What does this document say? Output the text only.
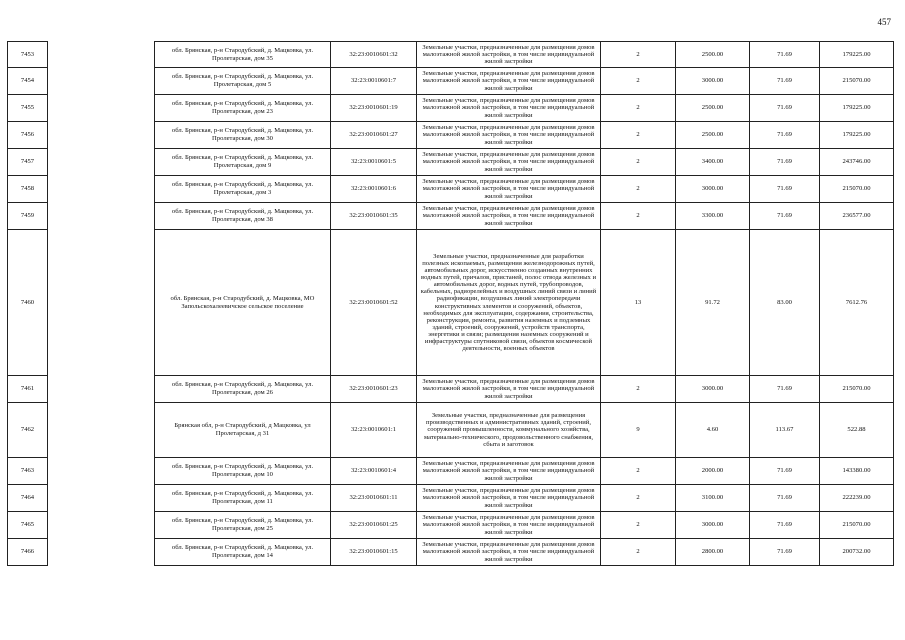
457
7453		обл. Брянская, р-н Стародубский, д. Мацковка, ул. Пролетарская, дом 35	32:23:0010601:32	Земельные участки, предназначенные для размещения домов малоэтажной жилой застройки, в том числе индивидуальной жилой застройки	2	2500.00	71.69	179225.00
7454		обл. Брянская, р-н Стародубский, д. Мацковка, ул. Пролетарская, дом 5	32:23:0010601:7	Земельные участки, предназначенные для размещения домов малоэтажной жилой застройки, в том числе индивидуальной жилой застройки	2	3000.00	71.69	215070.00
7455		обл. Брянская, р-н Стародубский, д. Мацковка, ул. Пролетарская, дом 23	32:23:0010601:19	Земельные участки, предназначенные для размещения домов малоэтажной жилой застройки, в том числе индивидуальной жилой застройки	2	2500.00	71.69	179225.00
7456		обл. Брянская, р-н Стародубский, д. Мацковка, ул. Пролетарская, дом 30	32:23:0010601:27	Земельные участки, предназначенные для размещения домов малоэтажной жилой застройки, в том числе индивидуальной жилой застройки	2	2500.00	71.69	179225.00
7457		обл. Брянская, р-н Стародубский, д. Мацковка, ул. Пролетарская, дом 9	32:23:0010601:5	Земельные участки, предназначенные для размещения домов малоэтажной жилой застройки, в том числе индивидуальной жилой застройки	2	3400.00	71.69	243746.00
7458		обл. Брянская, р-н Стародубский, д. Мацковка, ул. Пролетарская, дом 3	32:23:0010601:6	Земельные участки, предназначенные для размещения домов малоэтажной жилой застройки, в том числе индивидуальной жилой застройки	2	3000.00	71.69	215070.00
7459		обл. Брянская, р-н Стародубский, д. Мацковка, ул. Пролетарская, дом 38	32:23:0010601:35	Земельные участки, предназначенные для размещения домов малоэтажной жилой застройки, в том числе индивидуальной жилой застройки	2	3300.00	71.69	236577.00
7460		обл. Брянская, р-н Стародубский, д. Мацковка, МО Запольскохалеевичское сельское поселение	32:23:0010601:52	Земельные участки, предназначенные для разработки полезных ископаемых, размещения железнодорожных путей, автомобильных дорог, искусственно созданных внутренних водных путей, причалов, пристаней, полос отвода железных и автомобильных дорог, водных путей, трубопроводов, кабельных, радиорелейных и воздушных линий связи и линий радиофикации, воздушных линий электропередачи конструктивных элементов и сооружений, объектов, необходимых для эксплуатации, содержания, строительства, реконструкции, ремонта, развития наземных и подземных зданий, строений, сооружений, устройств транспорта, энергетики и связи; размещения наземных сооружений и инфраструктуры спутниковой связи, объектов космической деятельности, военных объектов	13	91.72	83.00	7612.76
7461		обл. Брянская, р-н Стародубский, д. Мацковка, ул. Пролетарская, дом 26	32:23:0010601:23	Земельные участки, предназначенные для размещения домов малоэтажной жилой застройки, в том числе индивидуальной жилой застройки	2	3000.00	71.69	215070.00
7462		Брянская обл, р-н Стародубский, д Мацковка, ул Пролетарская, д 31	32:23:0010601:1	Земельные участки, предназначенные для размещения производственных и административных зданий, строений, сооружений промышленности, коммунального хозяйства, материально-технического, продовольственного снабжения, сбыта и заготовок	9	4.60	113.67	522.88
7463		обл. Брянская, р-н Стародубский, д. Мацковка, ул. Пролетарская, дом 10	32:23:0010601:4	Земельные участки, предназначенные для размещения домов малоэтажной жилой застройки, в том числе индивидуальной жилой застройки	2	2000.00	71.69	143380.00
7464		обл. Брянская, р-н Стародубский, д. Мацковка, ул. Пролетарская, дом 11	32:23:0010601:11	Земельные участки, предназначенные для размещения домов малоэтажной жилой застройки, в том числе индивидуальной жилой застройки	2	3100.00	71.69	222239.00
7465		обл. Брянская, р-н Стародубский, д. Мацковка, ул. Пролетарская, дом 25	32:23:0010601:25	Земельные участки, предназначенные для размещения домов малоэтажной жилой застройки, в том числе индивидуальной жилой застройки	2	3000.00	71.69	215070.00
7466		обл. Брянская, р-н Стародубский, д. Мацковка, ул. Пролетарская, дом 14	32:23:0010601:15	Земельные участки, предназначенные для размещения домов малоэтажной жилой застройки, в том числе индивидуальной жилой застройки	2	2800.00	71.69	200732.00
